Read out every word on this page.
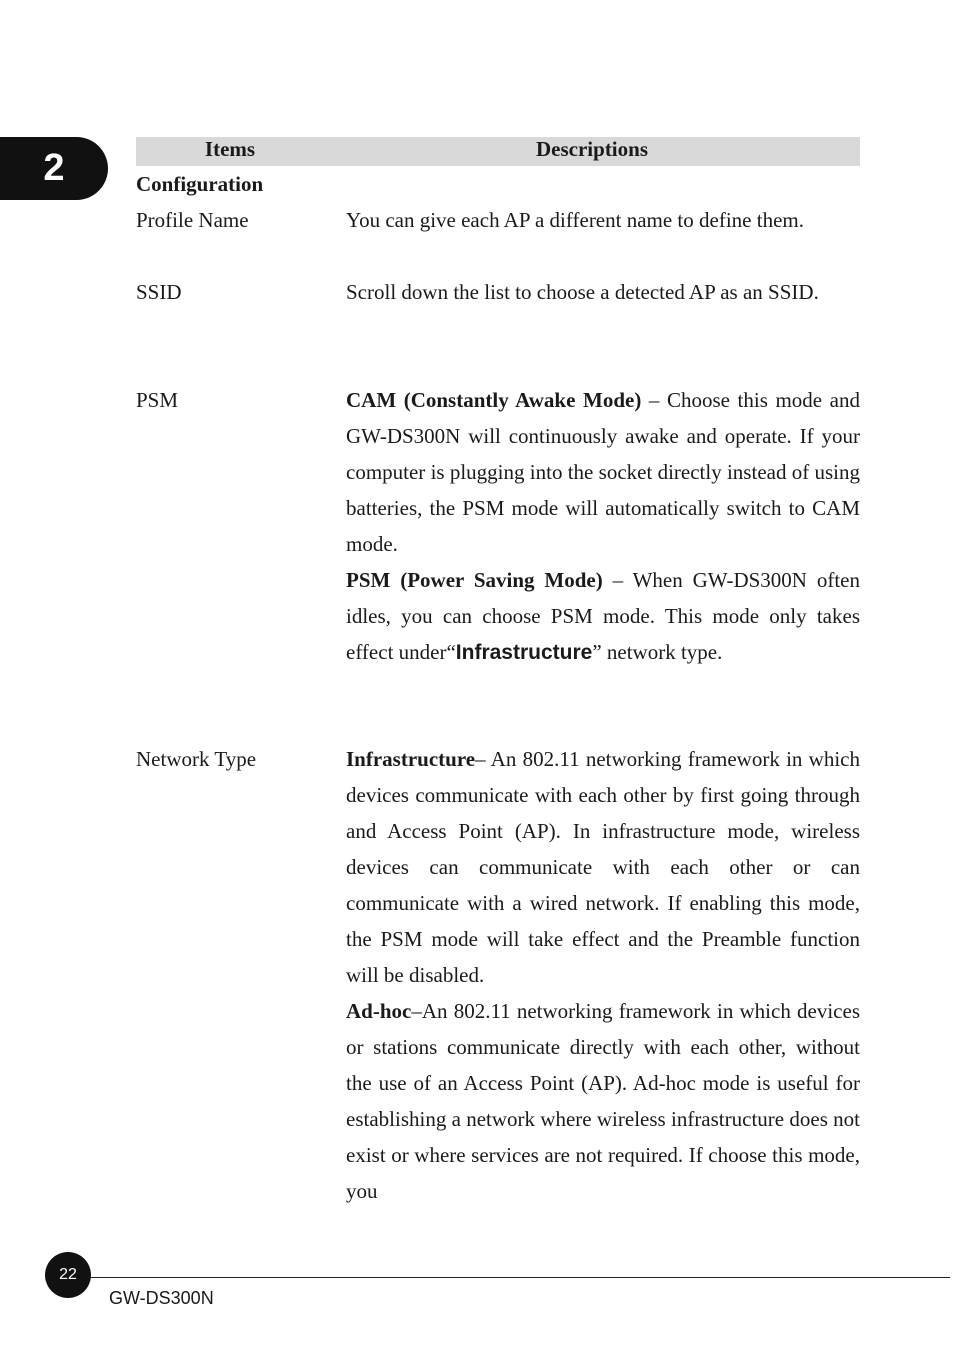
2	Items	Descriptions
Configuration
Profile Name	You can give each AP a different name to define them.

SSID	Scroll down the list to choose a detected AP as an SSID.

PSM	CAM (Constantly Awake Mode) – Choose this mode and GW-DS300N will continuously awake and operate. If your computer is plugging into the socket directly instead of using batteries, the PSM mode will automatically switch to CAM mode.

PSM (Power Saving Mode) – When GW-DS300N often idles, you can choose PSM mode. This mode only takes effect under“Infrastructure” network type.

Network Type	Infrastructure– An 802.11 networking framework in which devices communicate with each other by first going through and Access Point (AP). In infrastructure mode, wireless devices can communicate with each other or can communicate with a wired network. If enabling this mode, the PSM mode will take effect and the Preamble function will be disabled.

Ad-hoc–An 802.11 networking framework in which devices or stations communicate directly with each other, without the use of an Access Point (AP). Ad-hoc mode is useful for establishing a network where wireless infrastructure does not exist or where services are not required. If choose this mode, you

22
GW-DS300N
